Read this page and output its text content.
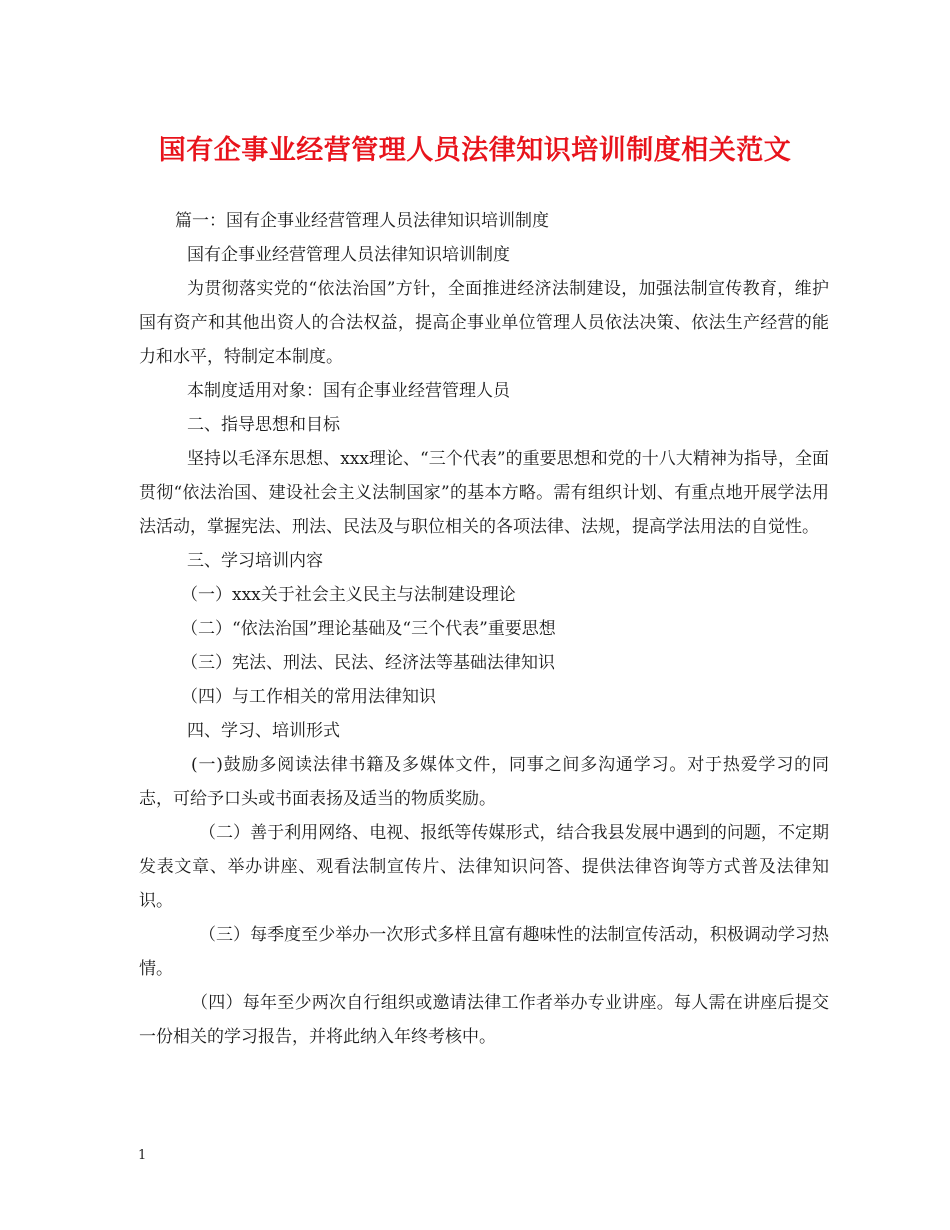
国有企事业经营管理人员法律知识培训制度相关范文

篇一：国有企事业经营管理人员法律知识培训制度

国有企事业经营管理人员法律知识培训制度

为贯彻落实党的“依法治国”方针，全面推进经济法制建设，加强法制宣传教育，维护国有资产和其他出资人的合法权益，提高企事业单位管理人员依法决策、依法生产经营的能力和水平，特制定本制度。

本制度适用对象：国有企事业经营管理人员

二、指导思想和目标

坚持以毛泽东思想、xxx理论、“三个代表”的重要思想和党的十八大精神为指导，全面贯彻“依法治国、建设社会主义法制国家”的基本方略。需有组织计划、有重点地开展学法用法活动，掌握宪法、刑法、民法及与职位相关的各项法律、法规，提高学法用法的自觉性。

三、学习培训内容

（一）xxx关于社会主义民主与法制建设理论

（二）“依法治国”理论基础及“三个代表”重要思想

（三）宪法、刑法、民法、经济法等基础法律知识

（四）与工作相关的常用法律知识

四、学习、培训形式

(一)鼓励多阅读法律书籍及多媒体文件，同事之间多沟通学习。对于热爱学习的同志，可给予口头或书面表扬及适当的物质奖励。

（二）善于利用网络、电视、报纸等传媒形式，结合我县发展中遇到的问题，不定期发表文章、举办讲座、观看法制宣传片、法律知识问答、提供法律咨询等方式普及法律知识。

（三）每季度至少举办一次形式多样且富有趣味性的法制宣传活动，积极调动学习热情。

（四）每年至少两次自行组织或邀请法律工作者举办专业讲座。每人需在讲座后提交一份相关的学习报告，并将此纳入年终考核中。

1
